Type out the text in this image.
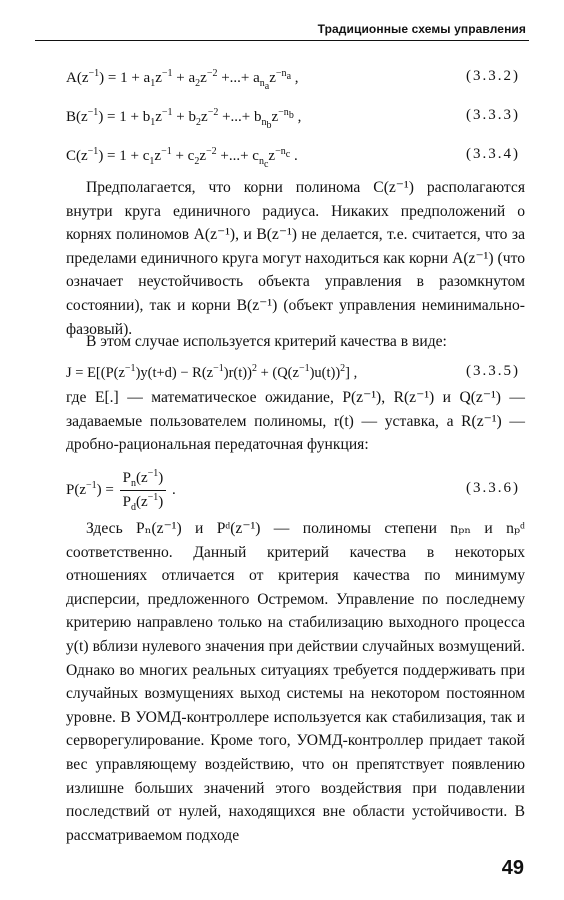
Традиционные схемы управления
$A(z^{-1}) = 1 + a_1z^{-1} + a_2z^{-2}$ +...+ $a_{n_a}z^{-n_a}$ ,	(3.3.2)
$B(z^{-1}) = 1 + b_1z^{-1} + b_2z^{-2}$ +...+ $b_{n_b}z^{-n_b}$ ,	(3.3.3)
$C(z^{-1}) = 1 + c_1z^{-1} + c_2z^{-2}$ +...+ $c_{n_c}z^{-n_c}$ .	(3.3.4)

Предполагается, что корни полинома C(z⁻¹) располагаются внутри круга единичного радиуса. Никаких предположений о корнях полиномов A(z⁻¹), и B(z⁻¹) не делается, т.е. считается, что за пределами единичного круга могут находиться как корни A(z⁻¹) (что означает неустойчивость объекта управления в разомкнутом состоянии), так и корни B(z⁻¹) (объект управления неминимально-фазовый).

В этом случае используется критерий качества в виде:

$J = E[(P(z^{-1})y(t+d) - R(z^{-1})r(t))^2 + (Q(z^{-1})u(t))^2]$ ,	(3.3.5)

где E[.] — математическое ожидание, P(z⁻¹), R(z⁻¹) и Q(z⁻¹) — задаваемые пользователем полиномы, r(t) — уставка, а R(z⁻¹) — дробно-рациональная передаточная функция:

$P(z^{-1}) = \frac{P_n(z^{-1})}{P_d(z^{-1})}$ .	(3.3.6)

Здесь Pₙ(z⁻¹) и Pᵈ(z⁻¹) — полиномы степени nₚₙ и nₚᵈ соответственно. Данный критерий качества в некоторых отношениях отличается от критерия качества по минимуму дисперсии, предложенного Остремом. Управление по последнему критерию направлено только на стабилизацию выходного процесса y(t) вблизи нулевого значения при действии случайных возмущений. Однако во многих реальных ситуациях требуется поддерживать при случайных возмущениях выход системы на некотором постоянном уровне. В УОМД-контроллере используется как стабилизация, так и серворегулирование. Кроме того, УОМД-контроллер придает такой вес управляющему воздействию, что он препятствует появлению излишне больших значений этого воздействия при подавлении последствий от нулей, находящихся вне области устойчивости. В рассматриваемом подходе

49
